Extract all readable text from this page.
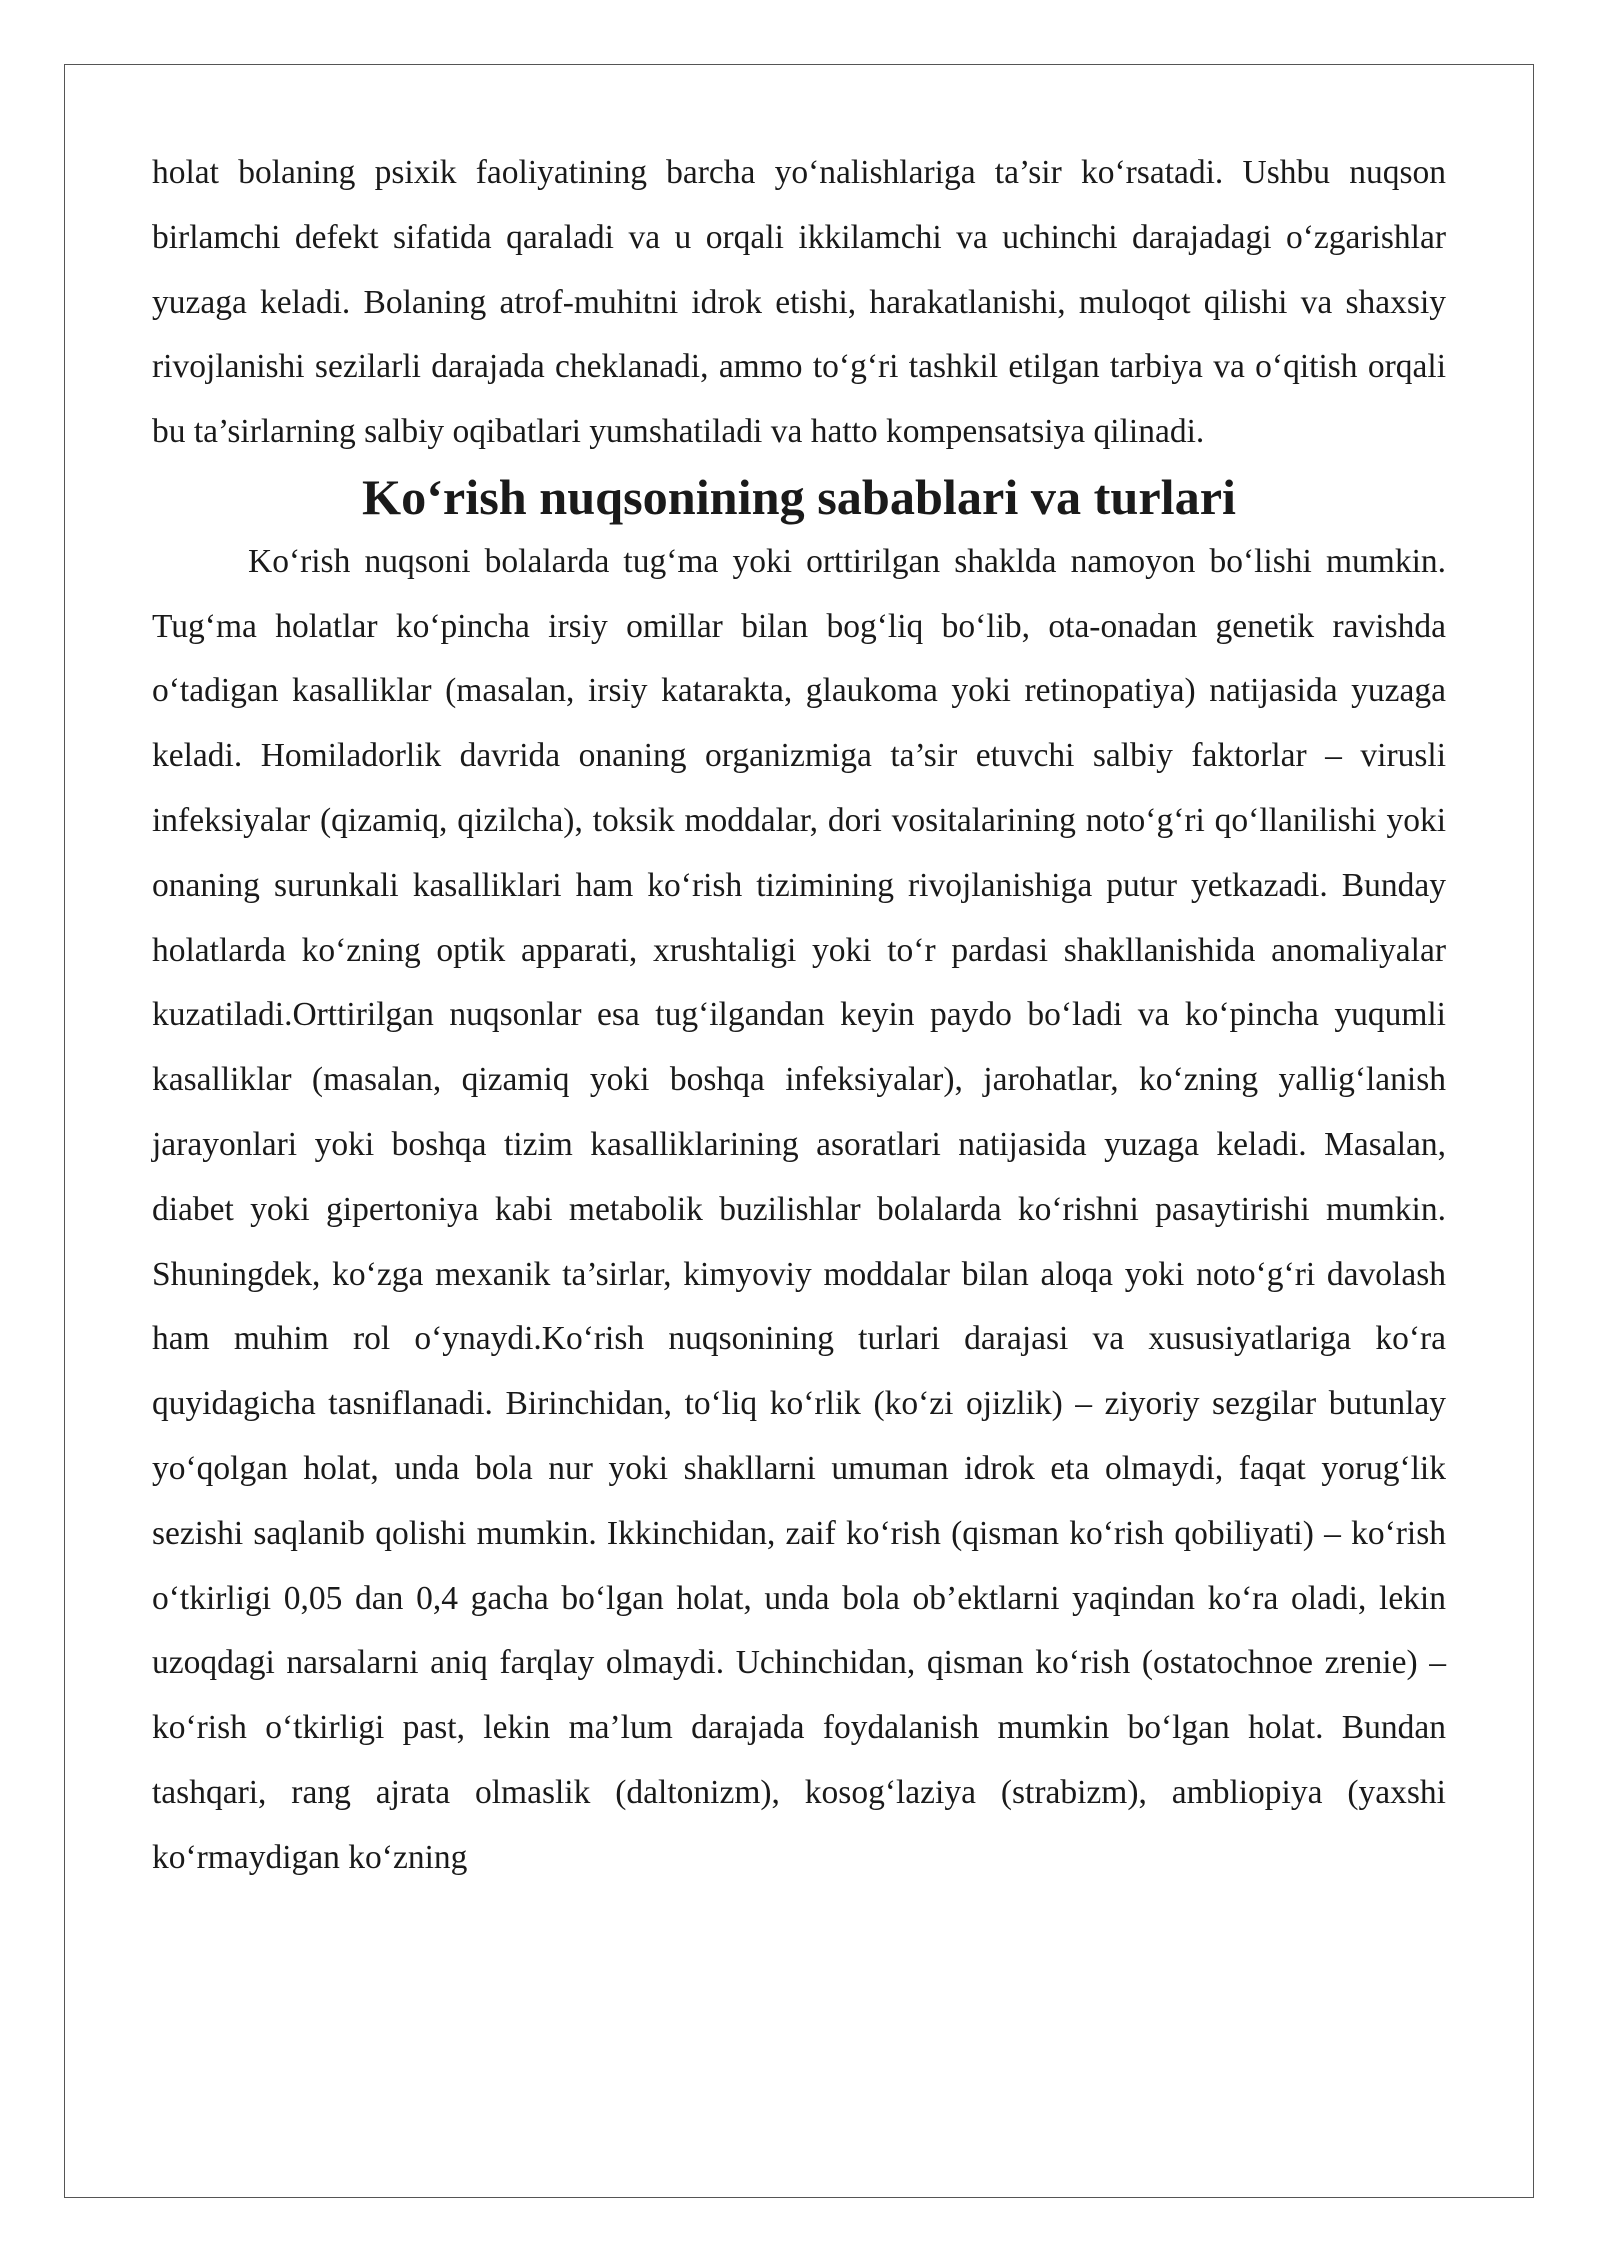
holat bolaning psixik faoliyatining barcha yo‘nalishlariga ta’sir ko‘rsatadi. Ushbu nuqson birlamchi defekt sifatida qaraladi va u orqali ikkilamchi va uchinchi darajadagi o‘zgarishlar yuzaga keladi. Bolaning atrof-muhitni idrok etishi, harakatlanishi, muloqot qilishi va shaxsiy rivojlanishi sezilarli darajada cheklanadi, ammo to‘g‘ri tashkil etilgan tarbiya va o‘qitish orqali bu ta’sirlarning salbiy oqibatlari yumshatiladi va hatto kompensatsiya qilinadi.

Ko‘rish nuqsonining sabablari va turlari

Ko‘rish nuqsoni bolalarda tug‘ma yoki orttirilgan shaklda namoyon bo‘lishi mumkin. Tug‘ma holatlar ko‘pincha irsiy omillar bilan bog‘liq bo‘lib, ota-onadan genetik ravishda o‘tadigan kasalliklar (masalan, irsiy katarakta, glaukoma yoki retinopatiya) natijasida yuzaga keladi. Homiladorlik davrida onaning organizmiga ta’sir etuvchi salbiy faktorlar – virusli infeksiyalar (qizamiq, qizilcha), toksik moddalar, dori vositalarining noto‘g‘ri qo‘llanilishi yoki onaning surunkali kasalliklari ham ko‘rish tizimining rivojlanishiga putur yetkazadi. Bunday holatlarda ko‘zning optik apparati, xrushtaligi yoki to‘r pardasi shakllanishida anomaliyalar kuzatiladi.Orttirilgan nuqsonlar esa tug‘ilgandan keyin paydo bo‘ladi va ko‘pincha yuqumli kasalliklar (masalan, qizamiq yoki boshqa infeksiyalar), jarohatlar, ko‘zning yallig‘lanish jarayonlari yoki boshqa tizim kasalliklarining asoratlari natijasida yuzaga keladi. Masalan, diabet yoki gipertoniya kabi metabolik buzilishlar bolalarda ko‘rishni pasaytirishi mumkin. Shuningdek, ko‘zga mexanik ta’sirlar, kimyoviy moddalar bilan aloqa yoki noto‘g‘ri davolash ham muhim rol o‘ynaydi.Ko‘rish nuqsonining turlari darajasi va xususiyatlariga ko‘ra quyidagicha tasniflanadi. Birinchidan, to‘liq ko‘rlik (ko‘zi ojizlik) – ziyoriy sezgilar butunlay yo‘qolgan holat, unda bola nur yoki shakllarni umuman idrok eta olmaydi, faqat yorug‘lik sezishi saqlanib qolishi mumkin. Ikkinchidan, zaif ko‘rish (qisman ko‘rish qobiliyati) – ko‘rish o‘tkirligi 0,05 dan 0,4 gacha bo‘lgan holat, unda bola ob’ektlarni yaqindan ko‘ra oladi, lekin uzoqdagi narsalarni aniq farqlay olmaydi. Uchinchidan, qisman ko‘rish (ostatochnoe zrenie) – ko‘rish o‘tkirligi past, lekin ma’lum darajada foydalanish mumkin bo‘lgan holat. Bundan tashqari, rang ajrata olmaslik (daltonizm), kosog‘laziya (strabizm), ambliopiya (yaxshi ko‘rmaydigan ko‘zning
